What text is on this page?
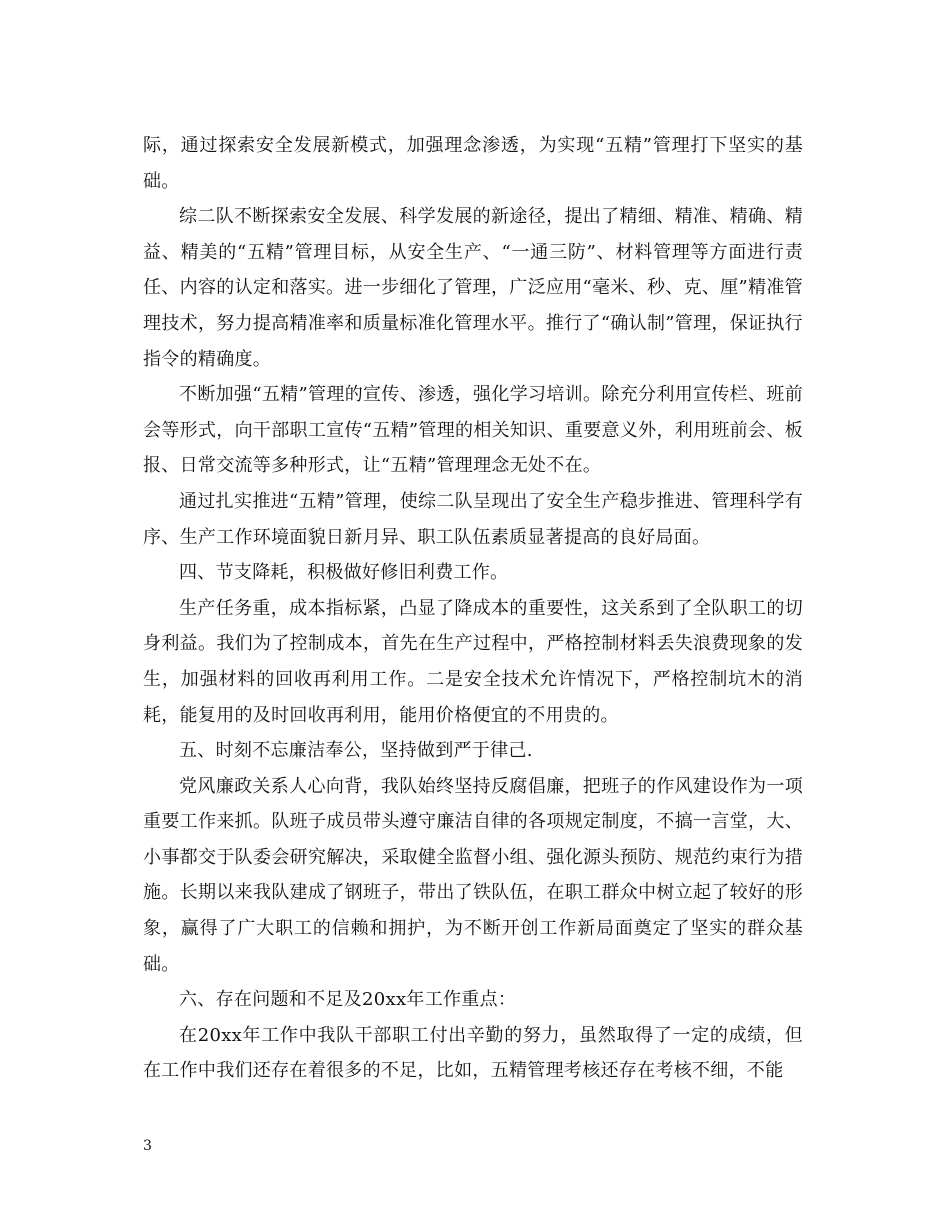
际，通过探索安全发展新模式，加强理念渗透，为实现“五精”管理打下坚实的基础。

综二队不断探索安全发展、科学发展的新途径，提出了精细、精准、精确、精益、精美的“五精”管理目标，从安全生产、“一通三防”、材料管理等方面进行责任、内容的认定和落实。进一步细化了管理，广泛应用“毫米、秒、克、厘”精准管理技术，努力提高精准率和质量标准化管理水平。推行了“确认制”管理，保证执行指令的精确度。

不断加强“五精”管理的宣传、渗透，强化学习培训。除充分利用宣传栏、班前会等形式，向干部职工宣传“五精”管理的相关知识、重要意义外，利用班前会、板报、日常交流等多种形式，让“五精”管理理念无处不在。

通过扎实推进“五精”管理，使综二队呈现出了安全生产稳步推进、管理科学有序、生产工作环境面貌日新月异、职工队伍素质显著提高的良好局面。

四、节支降耗，积极做好修旧利费工作。

生产任务重，成本指标紧，凸显了降成本的重要性，这关系到了全队职工的切身利益。我们为了控制成本，首先在生产过程中，严格控制材料丢失浪费现象的发生，加强材料的回收再利用工作。二是安全技术允许情况下，严格控制坑木的消耗，能复用的及时回收再利用，能用价格便宜的不用贵的。

五、时刻不忘廉洁奉公，坚持做到严于律己.

党风廉政关系人心向背，我队始终坚持反腐倡廉，把班子的作风建设作为一项重要工作来抓。队班子成员带头遵守廉洁自律的各项规定制度，不搞一言堂，大、小事都交于队委会研究解决，采取健全监督小组、强化源头预防、规范约束行为措施。长期以来我队建成了钢班子，带出了铁队伍，在职工群众中树立起了较好的形象，赢得了广大职工的信赖和拥护，为不断开创工作新局面奠定了坚实的群众基础。

六、存在问题和不足及20xx年工作重点：

在20xx年工作中我队干部职工付出辛勤的努力，虽然取得了一定的成绩，但在工作中我们还存在着很多的不足，比如，五精管理考核还存在考核不细，不能

3
